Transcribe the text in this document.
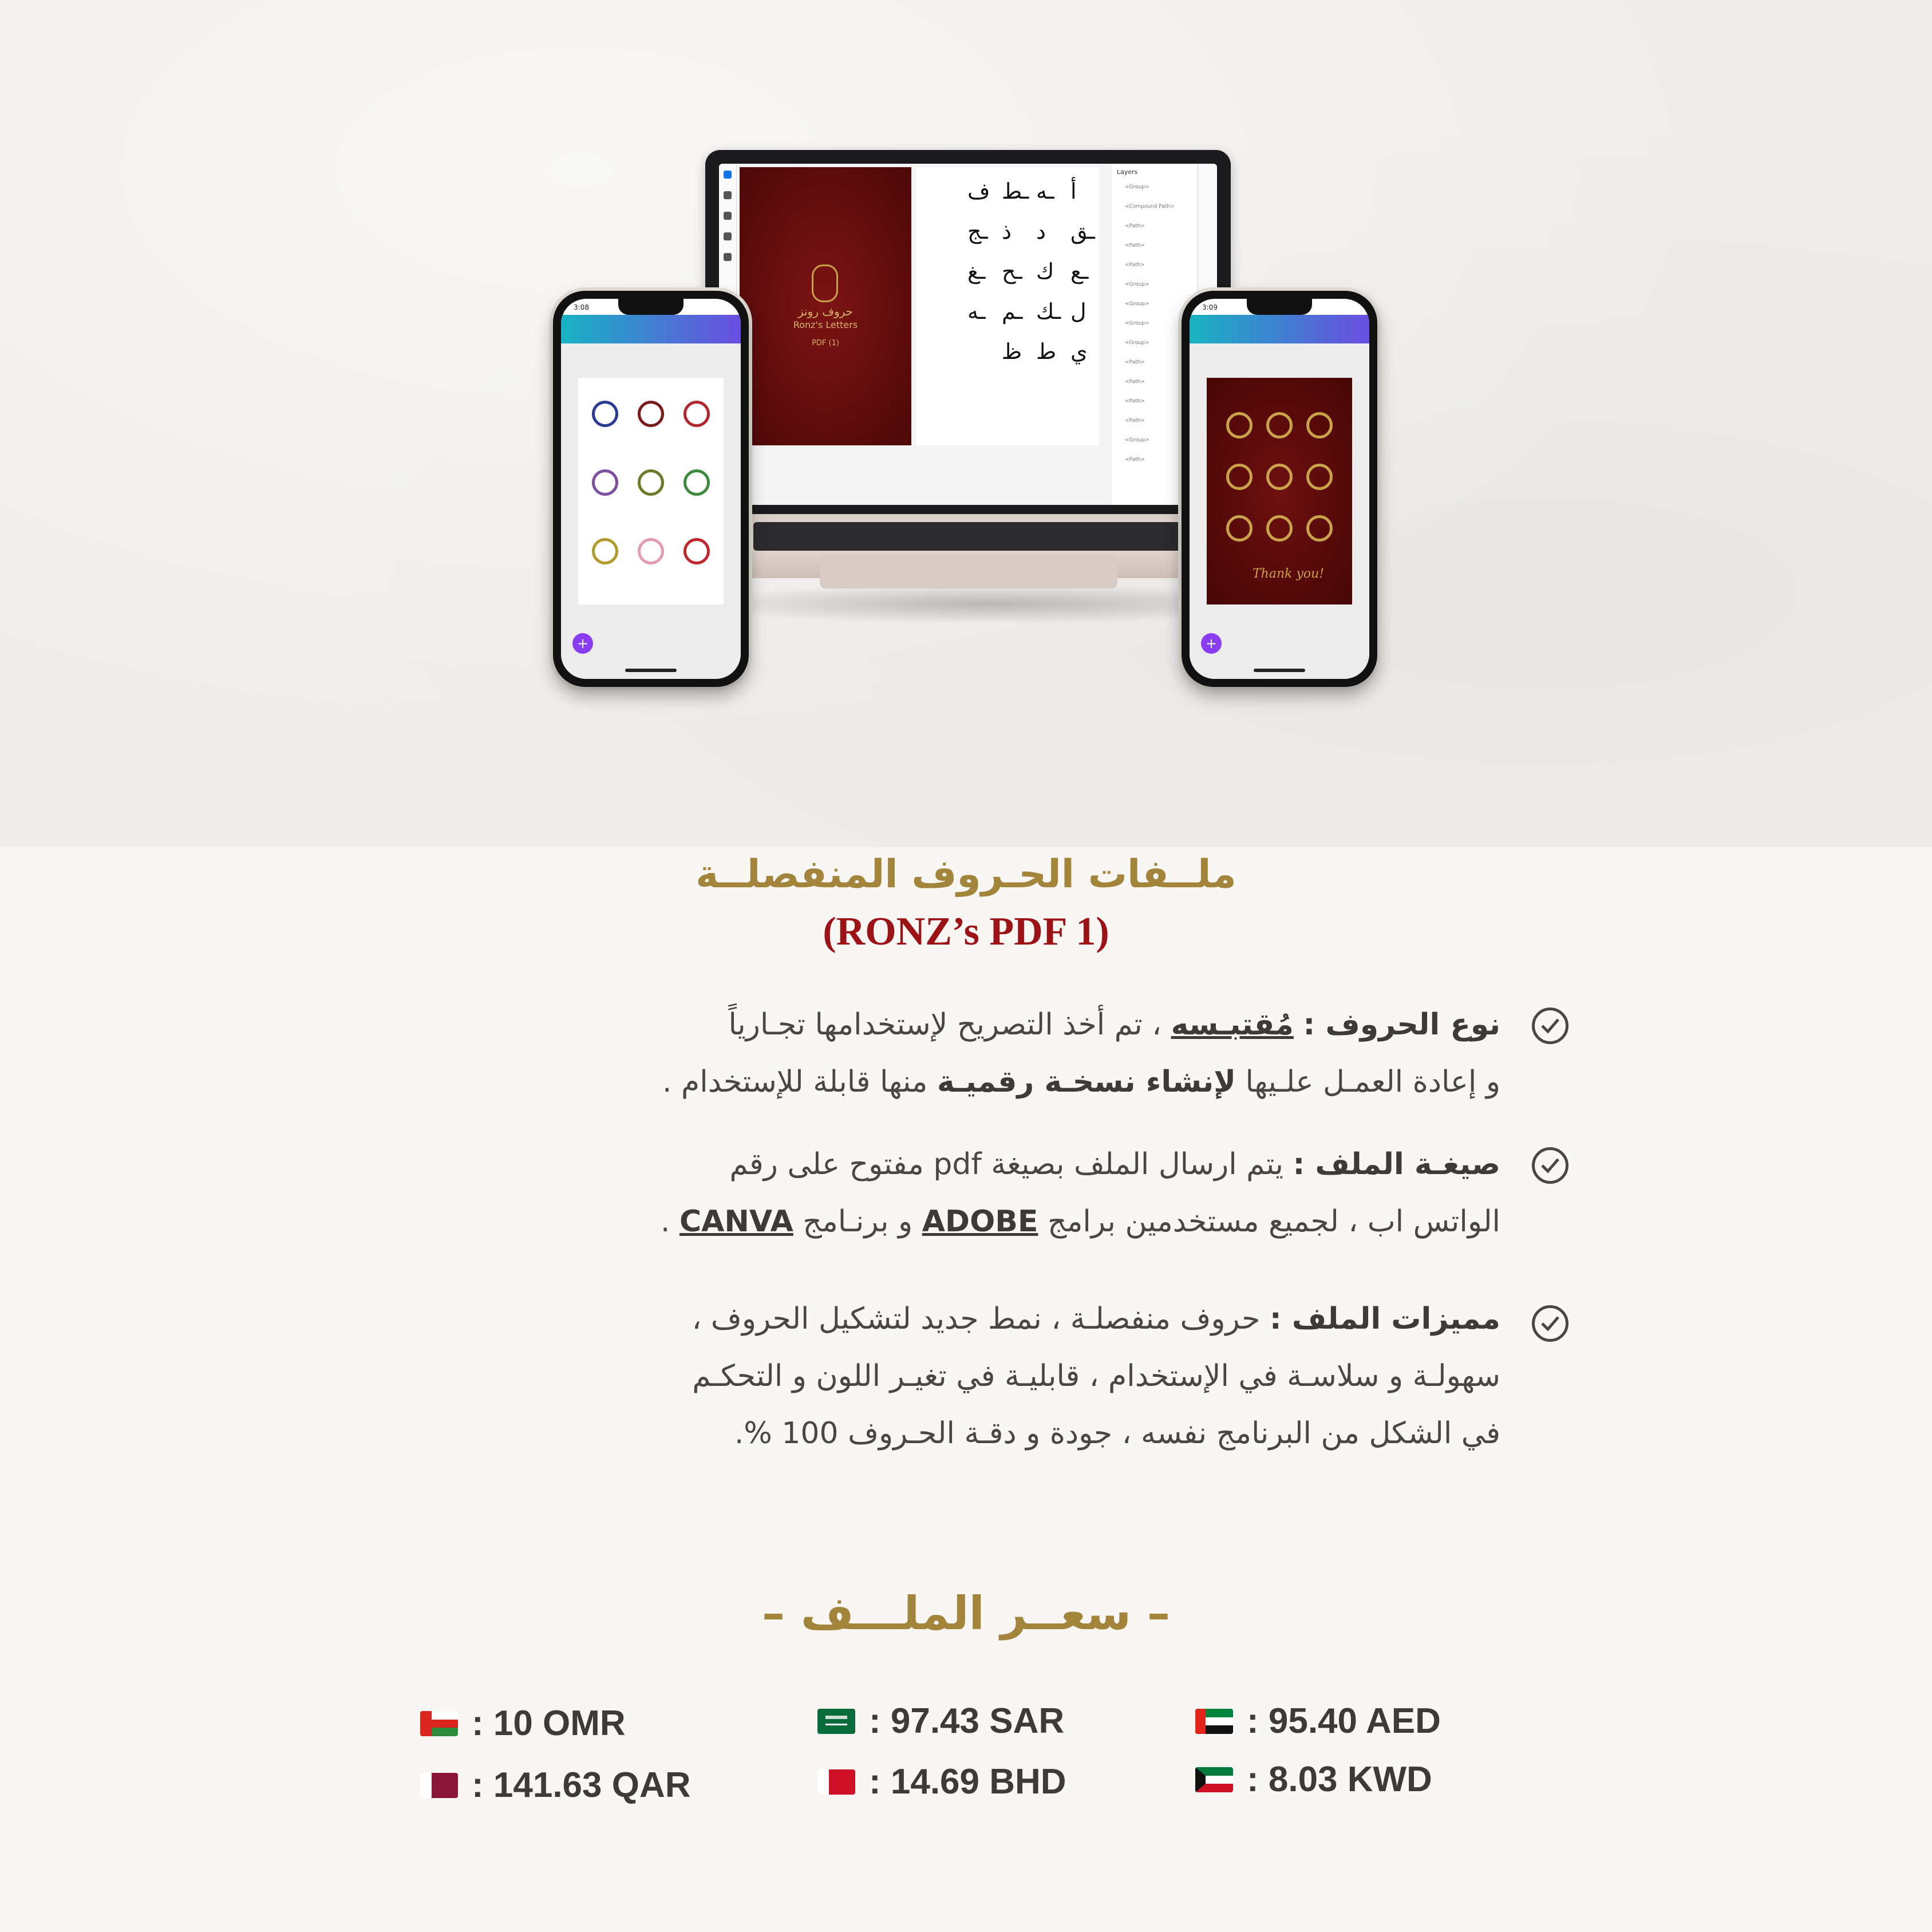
حروف رونز
Ronz's Letters
PDF (1)
أ
ـه
ـط
ف
ـق
د
ذ
ـج
ـع
ك
ـح
ـغ
ل
ـك
ـم
ـه
ي
ط
ظ
Layers
<Group>
<Compound Path>
<Path>
<Path>
<Path>
<Group>
<Group>
<Group>
<Group>
<Path>
<Path>
<Path>
<Path>
<Group>
<Path>
3:08
+
3:09
Thank you!
+
ملــفات الحـروف المنفصلــة
(RONZ’s PDF 1)
نوع الحروف : مُقتبـسه ، تم أخذ التصريح لإستخدامها تجـارياً
و إعادة العمـل علـيها لإنشاء نسخـة رقميـة منها قابلة للإستخدام .
صيغـة الملف : يتم ارسال الملف بصيغة pdf مفتوح على رقم
الواتس اب ، لجميع مستخدمين برامج ADOBE و برنـامج CANVA .
مميزات الملف : حروف منفصلـة ، نمط جديد لتشكيل الحروف ،
سهولـة و سلاسـة في الإستخدام ، قابليـة في تغيـر اللون و التحكـم
في الشكل من البرنامج نفسه ، جودة و دقـة الحـروف 100 %.
– سعــر الملـــف –
: 10 OMR	: 97.43 SAR	: 95.40 AED
: 141.63 QAR	: 14.69 BHD	: 8.03 KWD
